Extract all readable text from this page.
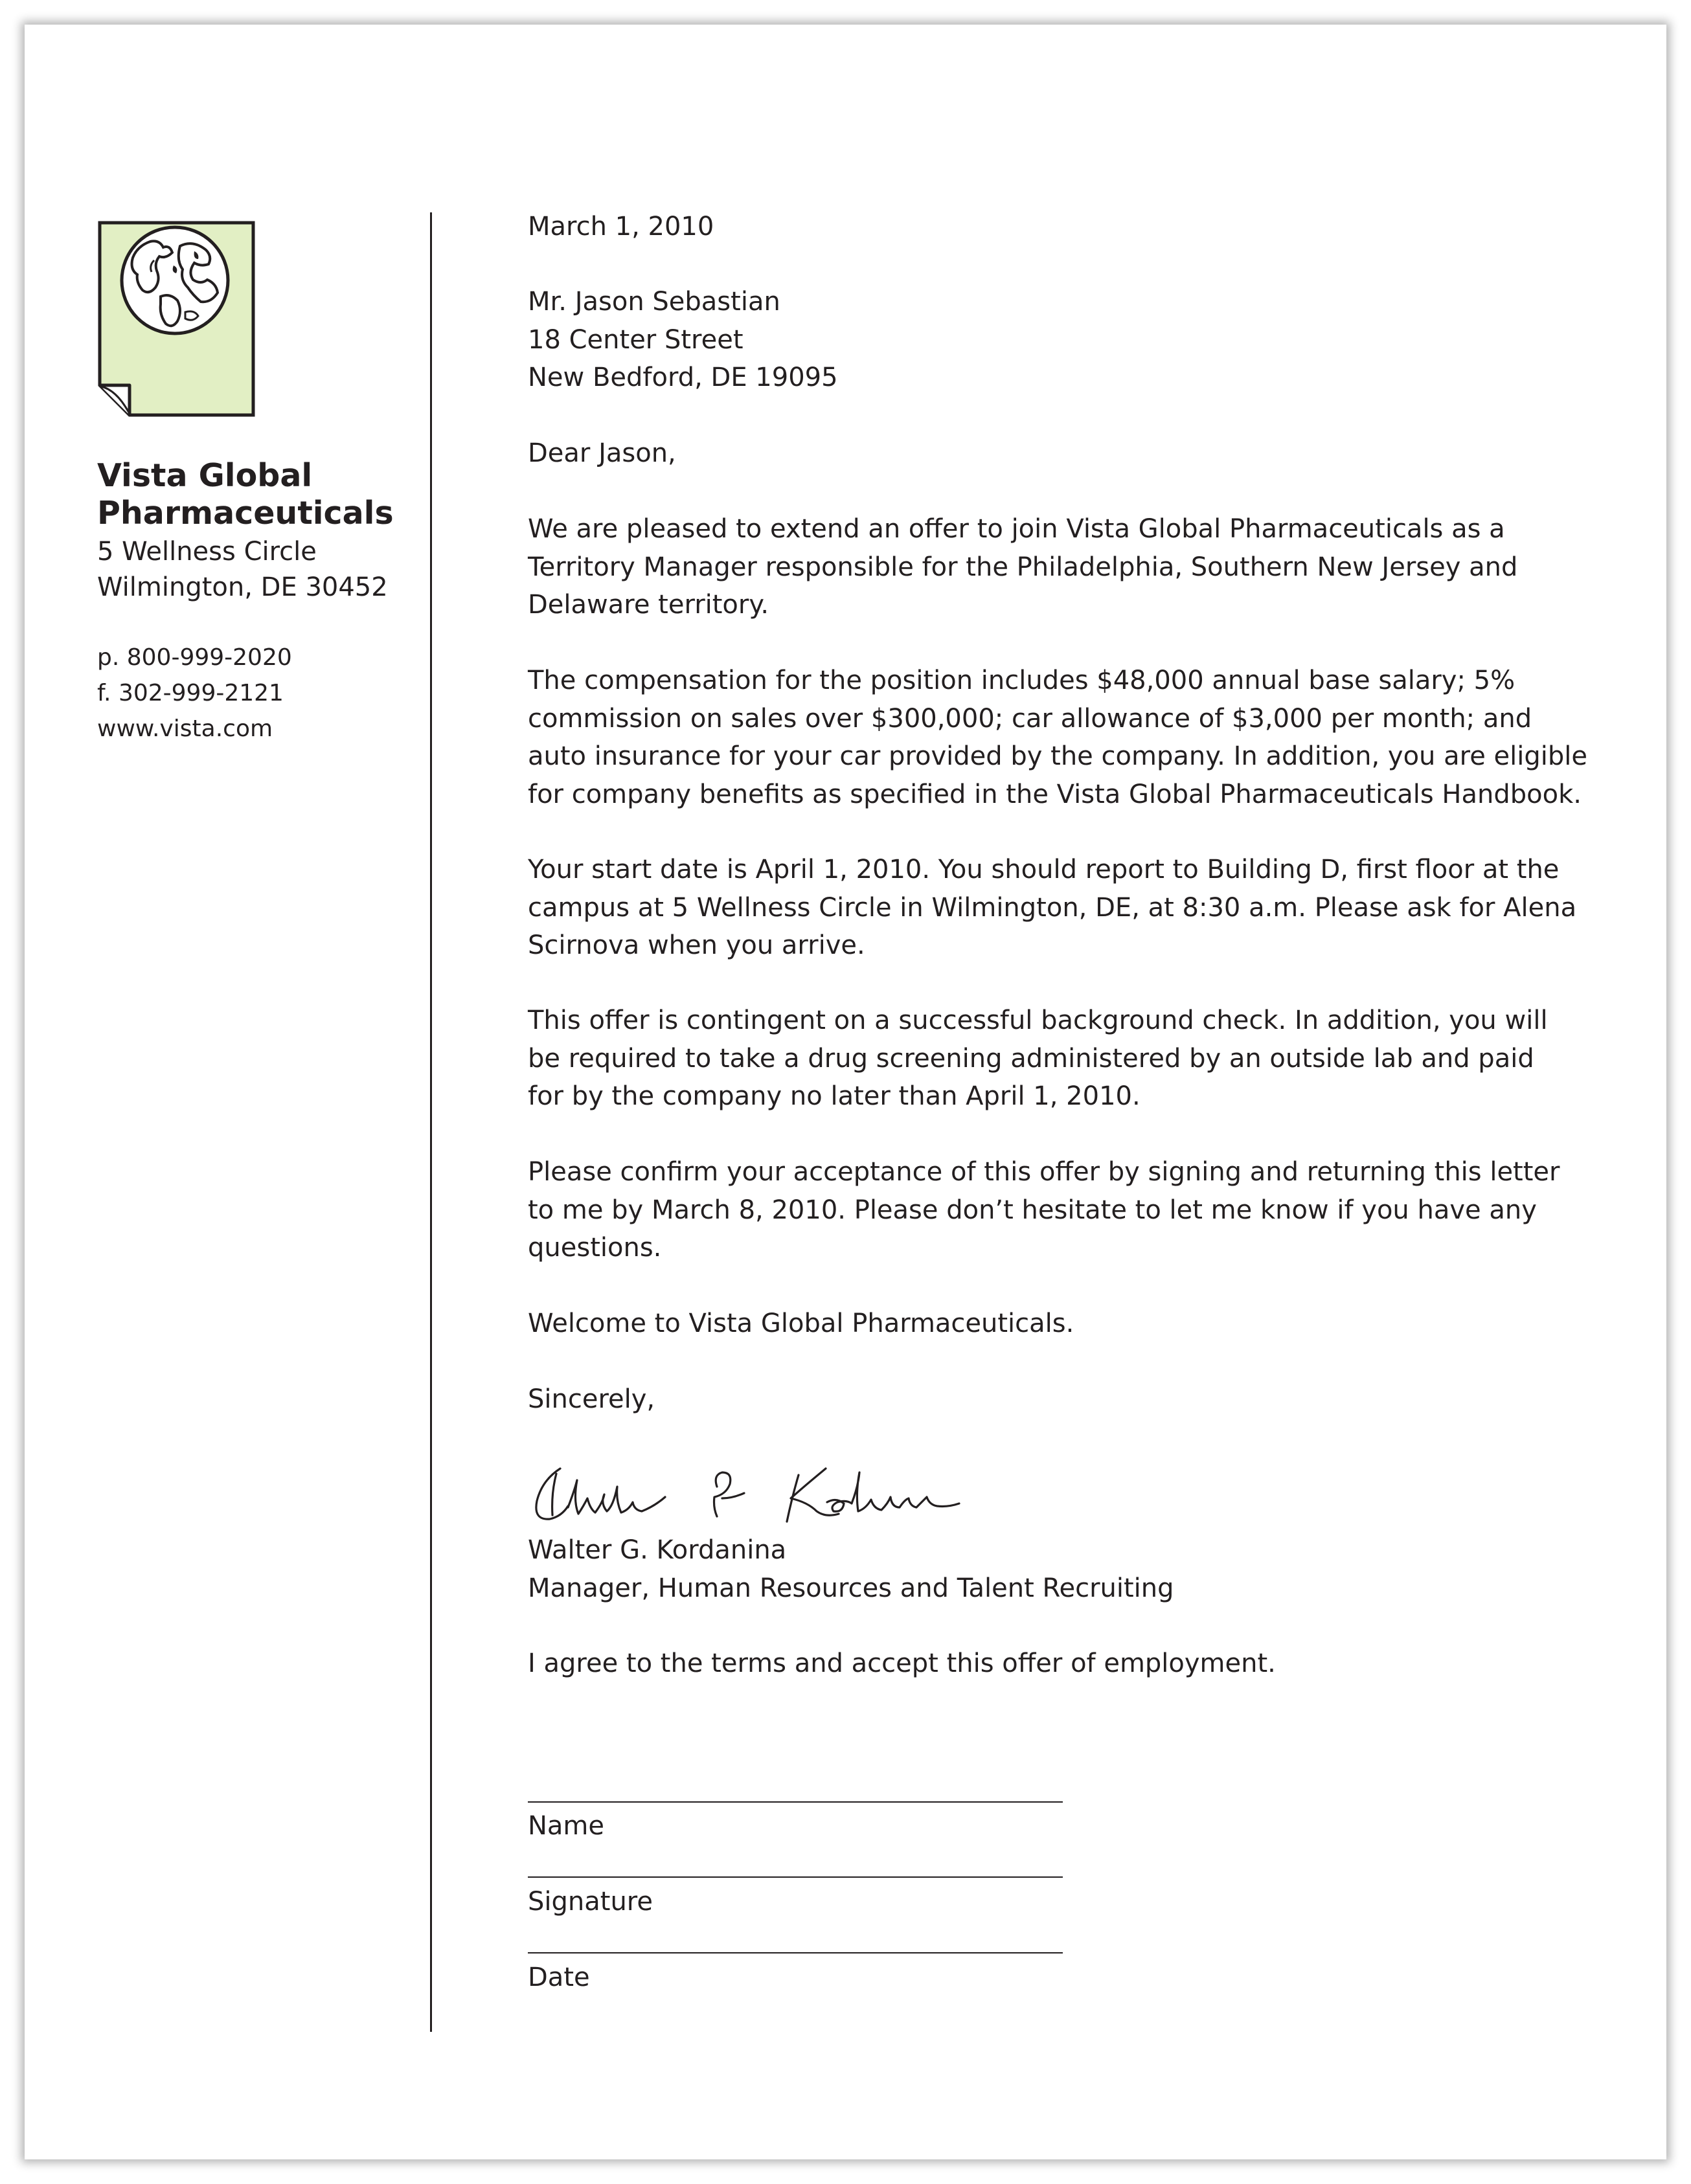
Vista Global
Pharmaceuticals
5 Wellness Circle
Wilmington, DE 30452
p. 800-999-2020
f. 302-999-2121
www.vista.com
March 1, 2010
Mr. Jason Sebastian
18 Center Street
New Bedford, DE 19095
Dear Jason,
We are pleased to extend an offer to join Vista Global Pharmaceuticals as a
Territory Manager responsible for the Philadelphia, Southern New Jersey and
Delaware territory.
The compensation for the position includes $48,000 annual base salary; 5%
commission on sales over $300,000; car allowance of $3,000 per month; and
auto insurance for your car provided by the company. In addition, you are eligible
for company benefits as specified in the Vista Global Pharmaceuticals Handbook.
Your start date is April 1, 2010. You should report to Building D, first floor at the
campus at 5 Wellness Circle in Wilmington, DE, at 8:30 a.m. Please ask for Alena
Scirnova when you arrive.
This offer is contingent on a successful background check. In addition, you will
be required to take a drug screening administered by an outside lab and paid
for by the company no later than April 1, 2010.
Please confirm your acceptance of this offer by signing and returning this letter
to me by March 8, 2010. Please don’t hesitate to let me know if you have any
questions.
Welcome to Vista Global Pharmaceuticals.
Sincerely,
Walter G. Kordanina
Manager, Human Resources and Talent Recruiting
I agree to the terms and accept this offer of employment.
Name
Signature
Date
